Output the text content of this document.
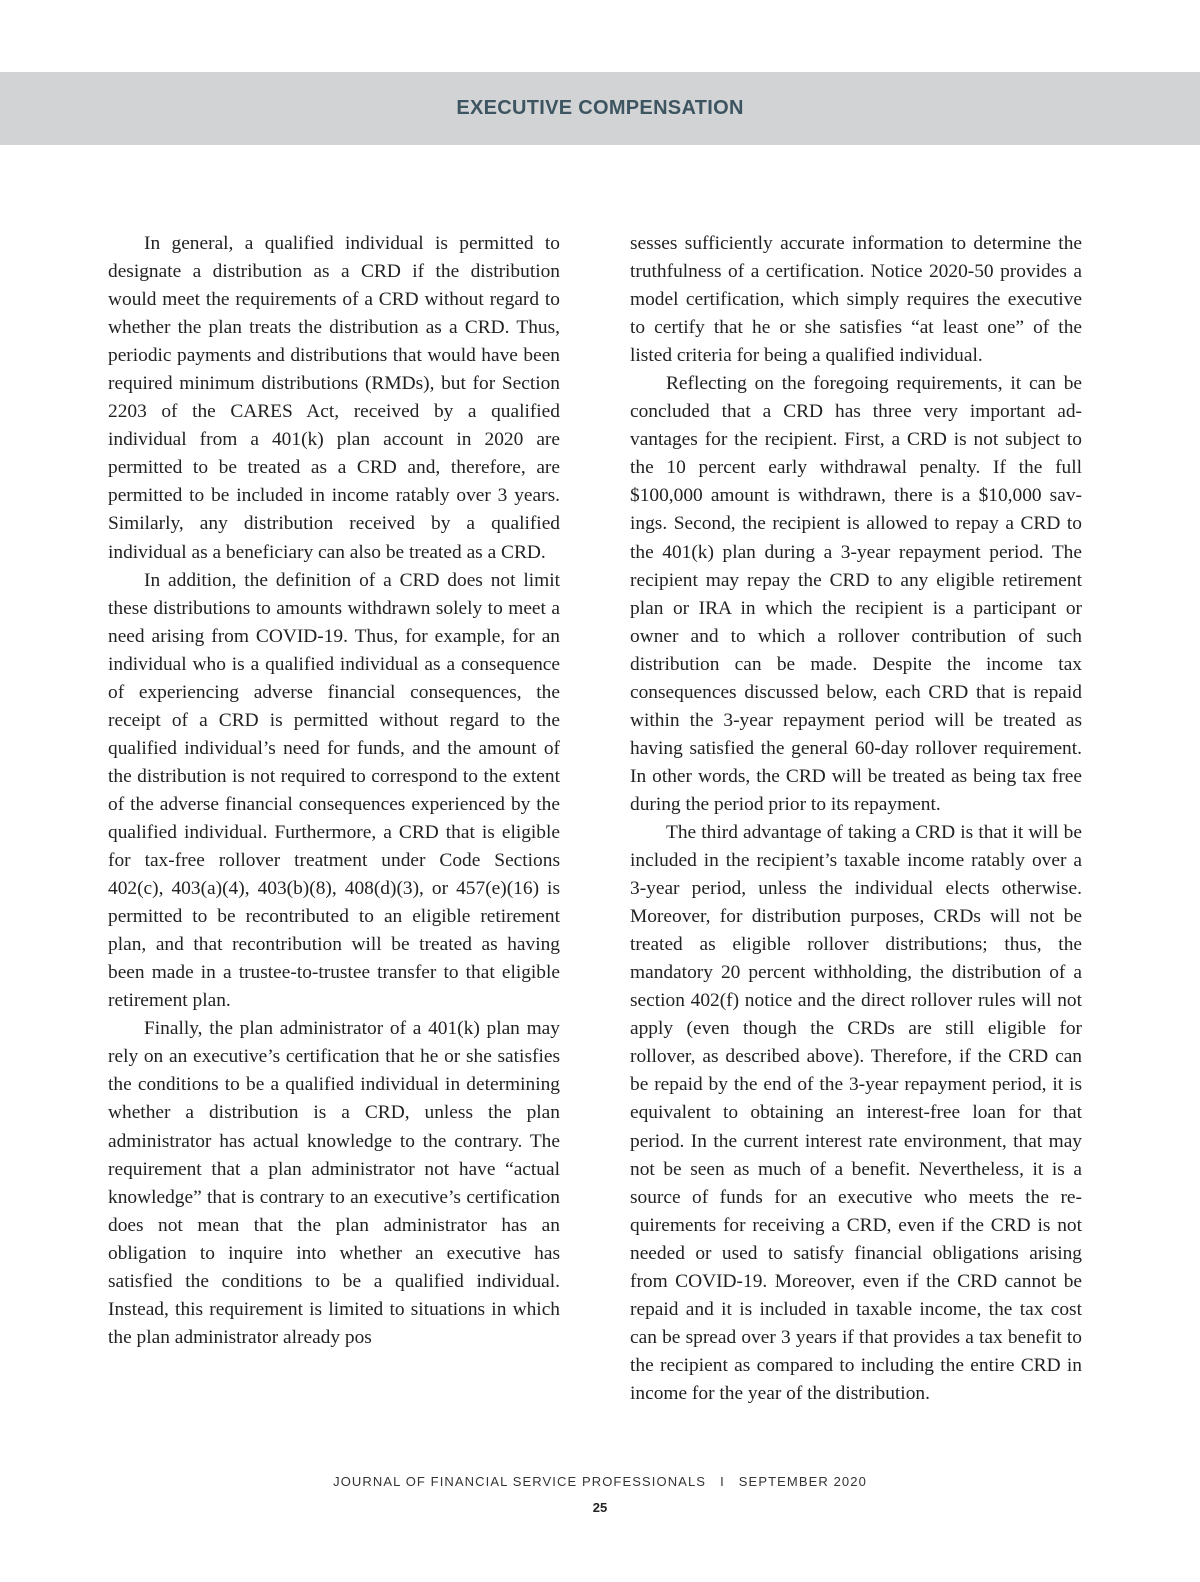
EXECUTIVE COMPENSATION

In general, a qualified individual is permitted to designate a distribution as a CRD if the distribution would meet the requirements of a CRD without regard to whether the plan treats the distribution as a CRD. Thus, periodic payments and distributions that would have been required minimum distributions (RMDs), but for Section 2203 of the CARES Act, received by a qualified individual from a 401(k) plan account in 2020 are permitted to be treated as a CRD and, therefore, are permitted to be included in income ratably over 3 years. Similarly, any distribution received by a qualified individual as a beneficiary can also be treated as a CRD.

In addition, the definition of a CRD does not limit these distributions to amounts withdrawn solely to meet a need arising from COVID-19. Thus, for example, for an individual who is a qualified individual as a consequence of experiencing adverse financial consequences, the receipt of a CRD is permitted without regard to the qualified individual’s need for funds, and the amount of the distribution is not required to correspond to the extent of the adverse financial consequences experienced by the qualified individual. Furthermore, a CRD that is eligible for tax-free rollover treatment under Code Sections 402(c), 403(a)(4), 403(b)(8), 408(d)(3), or 457(e)(16) is permitted to be recontributed to an eligible retirement plan, and that recontribution will be treated as having been made in a trustee-to-trustee transfer to that eligible retirement plan.

Finally, the plan administrator of a 401(k) plan may rely on an executive’s certification that he or she satisfies the conditions to be a qualified individual in determining whether a distribution is a CRD, unless the plan administrator has actual knowledge to the contrary. The requirement that a plan administrator not have “actual knowledge” that is contrary to an executive’s certification does not mean that the plan administrator has an obligation to inquire into whether an executive has satisfied the conditions to be a qualified individual. Instead, this requirement is limited to situations in which the plan administrator already pos

sesses sufficiently accurate information to determine the truthfulness of a certification. Notice 2020-50 provides a model certification, which simply requires the executive to certify that he or she satisfies “at least one” of the listed criteria for being a qualified individual.

Reflecting on the foregoing requirements, it can be concluded that a CRD has three very important advantages for the recipient. First, a CRD is not subject to the 10 percent early withdrawal penalty. If the full $100,000 amount is withdrawn, there is a $10,000 savings. Second, the recipient is allowed to repay a CRD to the 401(k) plan during a 3-year repayment period. The recipient may repay the CRD to any eligible retirement plan or IRA in which the recipient is a participant or owner and to which a rollover contribution of such distribution can be made. Despite the income tax consequences discussed below, each CRD that is repaid within the 3-year repayment period will be treated as having satisfied the general 60-day rollover requirement. In other words, the CRD will be treated as being tax free during the period prior to its repayment.

The third advantage of taking a CRD is that it will be included in the recipient’s taxable income ratably over a 3-year period, unless the individual elects otherwise. Moreover, for distribution purposes, CRDs will not be treated as eligible rollover distributions; thus, the mandatory 20 percent withholding, the distribution of a section 402(f) notice and the direct rollover rules will not apply (even though the CRDs are still eligible for rollover, as described above). Therefore, if the CRD can be repaid by the end of the 3-year repayment period, it is equivalent to obtaining an interest-free loan for that period. In the current interest rate environment, that may not be seen as much of a benefit. Nevertheless, it is a source of funds for an executive who meets the requirements for receiving a CRD, even if the CRD is not needed or used to satisfy financial obligations arising from COVID-19. Moreover, even if the CRD cannot be repaid and it is included in taxable income, the tax cost can be spread over 3 years if that provides a tax benefit to the recipient as compared to including the entire CRD in income for the year of the distribution.

JOURNAL OF FINANCIAL SERVICE PROFESSIONALS I SEPTEMBER 2020
25
